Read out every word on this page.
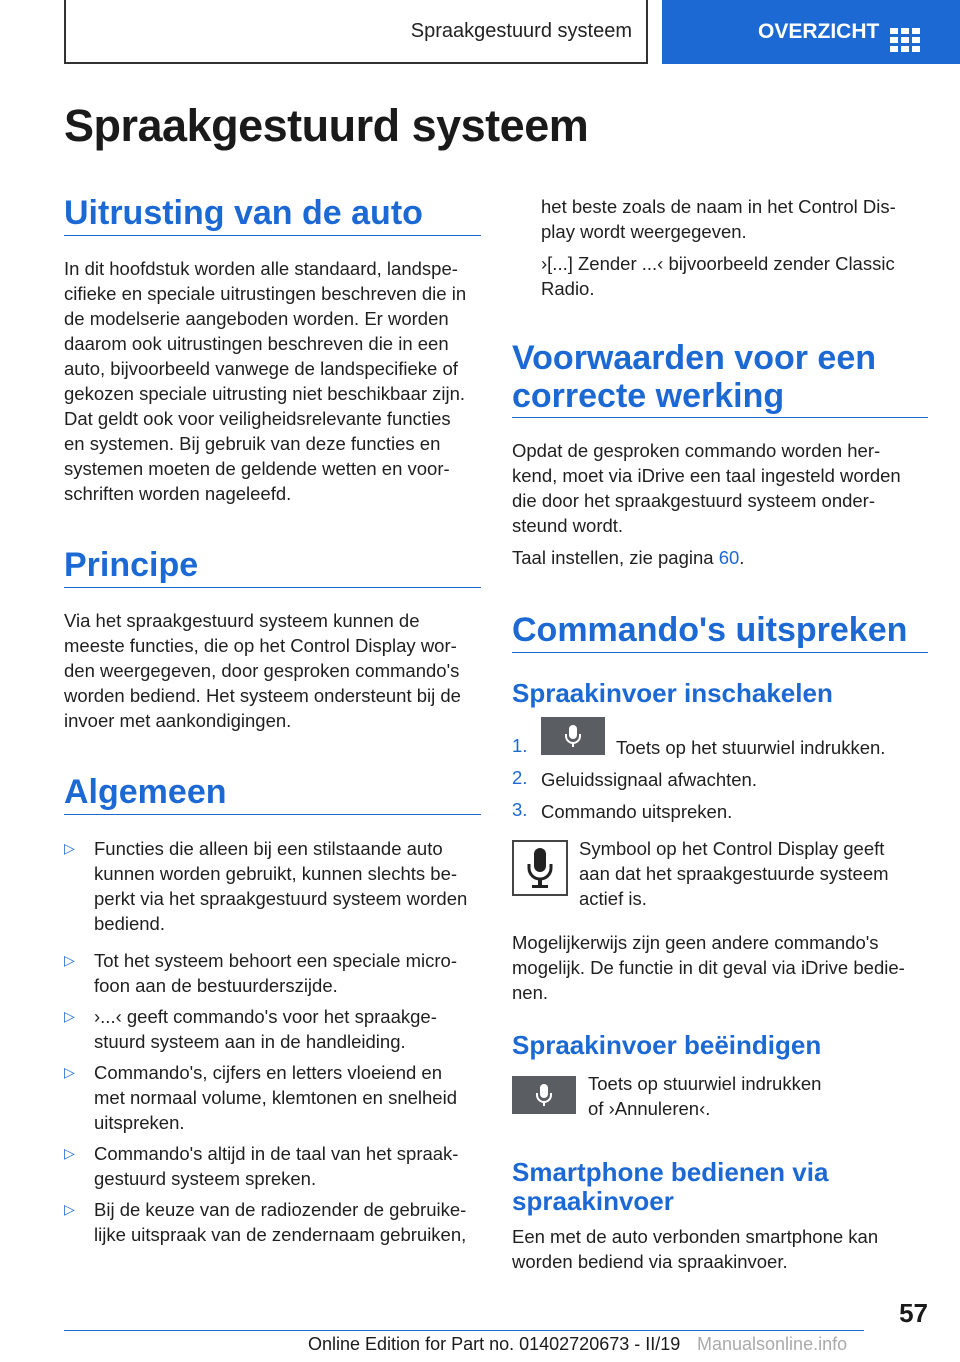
Spraakgestuurd systeem	OVERZICHT
Spraakgestuurd systeem
Uitrusting van de auto
In dit hoofdstuk worden alle standaard, landspe-
cifieke en speciale uitrustingen beschreven die in
de modelserie aangeboden worden. Er worden
daarom ook uitrustingen beschreven die in een
auto, bijvoorbeeld vanwege de landspecifieke of
gekozen speciale uitrusting niet beschikbaar zijn.
Dat geldt ook voor veiligheidsrelevante functies
en systemen. Bij gebruik van deze functies en
systemen moeten de geldende wetten en voor-
schriften worden nageleefd.
Principe
Via het spraakgestuurd systeem kunnen de
meeste functies, die op het Control Display wor-
den weergegeven, door gesproken commando's
worden bediend. Het systeem ondersteunt bij de
invoer met aankondigingen.
Algemeen
▷ Functies die alleen bij een stilstaande auto
kunnen worden gebruikt, kunnen slechts be-
perkt via het spraakgestuurd systeem worden
bediend.
▷ Tot het systeem behoort een speciale micro-
foon aan de bestuurderszijde.
▷ ›...‹ geeft commando's voor het spraakge-
stuurd systeem aan in de handleiding.
▷ Commando's, cijfers en letters vloeiend en
met normaal volume, klemtonen en snelheid
uitspreken.
▷ Commando's altijd in de taal van het spraak-
gestuurd systeem spreken.
▷ Bij de keuze van de radiozender de gebruike-
lijke uitspraak van de zendernaam gebruiken,
het beste zoals de naam in het Control Dis-
play wordt weergegeven.
›[...] Zender ...‹ bijvoorbeeld zender Classic
Radio.
Voorwaarden voor een
correcte werking
Opdat de gesproken commando worden her-
kend, moet via iDrive een taal ingesteld worden
die door het spraakgestuurd systeem onder-
steund wordt.
Taal instellen, zie pagina 60.
Commando's uitspreken
Spraakinvoer inschakelen
1.	Toets op het stuurwiel indrukken.
2. Geluidssignaal afwachten.
3. Commando uitspreken.
Symbool op het Control Display geeft
aan dat het spraakgestuurde systeem
actief is.
Mogelijkerwijs zijn geen andere commando's
mogelijk. De functie in dit geval via iDrive bedie-
nen.
Spraakinvoer beëindigen
Toets op stuurwiel indrukken
of ›Annuleren‹.
Smartphone bedienen via
spraakinvoer
Een met de auto verbonden smartphone kan
worden bediend via spraakinvoer.
57
Online Edition for Part no. 01402720673 - II/19 Manualsonline.info
